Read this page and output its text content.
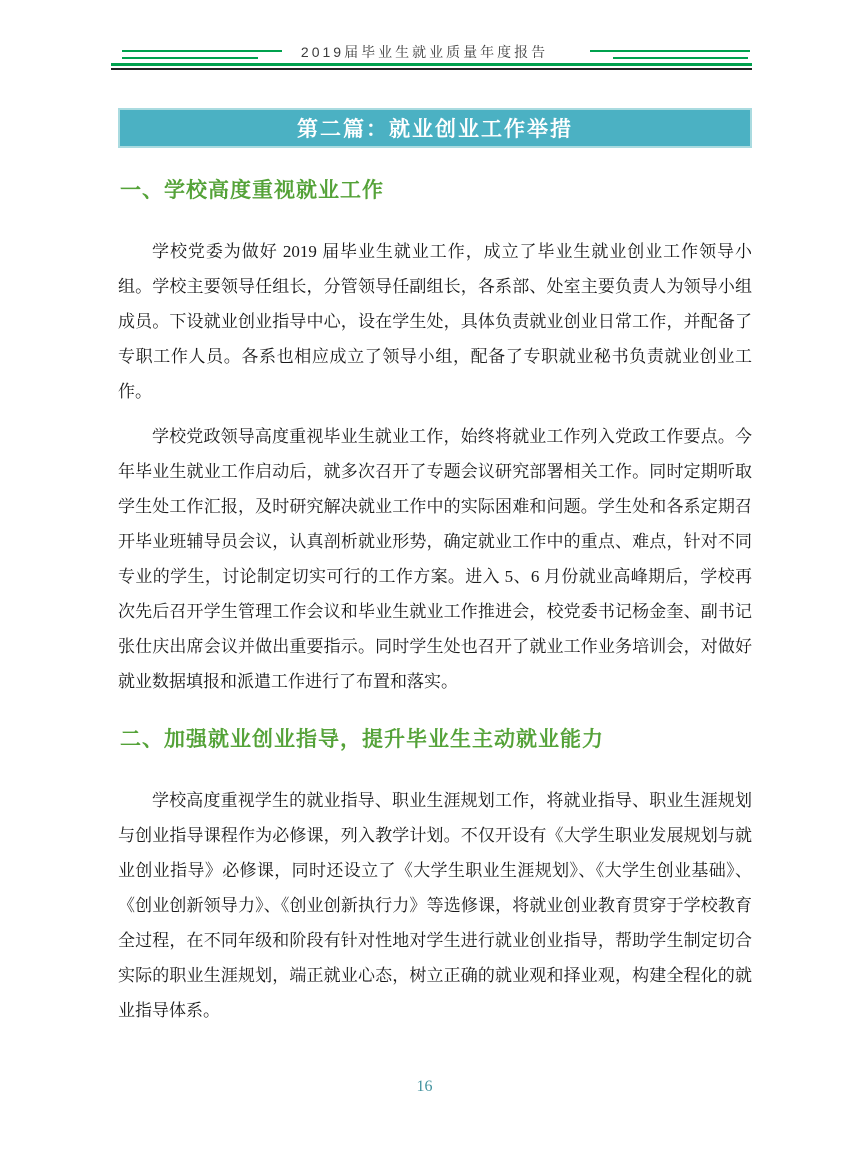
2019届毕业生就业质量年度报告
第二篇：就业创业工作举措
一、学校高度重视就业工作

学校党委为做好 2019 届毕业生就业工作，成立了毕业生就业创业工作领导小组。学校主要领导任组长，分管领导任副组长，各系部、处室主要负责人为领导小组成员。下设就业创业指导中心，设在学生处，具体负责就业创业日常工作，并配备了专职工作人员。各系也相应成立了领导小组，配备了专职就业秘书负责就业创业工作。

学校党政领导高度重视毕业生就业工作，始终将就业工作列入党政工作要点。今年毕业生就业工作启动后，就多次召开了专题会议研究部署相关工作。同时定期听取学生处工作汇报，及时研究解决就业工作中的实际困难和问题。学生处和各系定期召开毕业班辅导员会议，认真剖析就业形势，确定就业工作中的重点、难点，针对不同专业的学生，讨论制定切实可行的工作方案。进入 5、6 月份就业高峰期后，学校再次先后召开学生管理工作会议和毕业生就业工作推进会，校党委书记杨金奎、副书记张仕庆出席会议并做出重要指示。同时学生处也召开了就业工作业务培训会，对做好就业数据填报和派遣工作进行了布置和落实。

二、加强就业创业指导，提升毕业生主动就业能力

学校高度重视学生的就业指导、职业生涯规划工作，将就业指导、职业生涯规划与创业指导课程作为必修课，列入教学计划。不仅开设有《大学生职业发展规划与就业创业指导》必修课，同时还设立了《大学生职业生涯规划》、《大学生创业基础》、《创业创新领导力》、《创业创新执行力》等选修课，将就业创业教育贯穿于学校教育全过程，在不同年级和阶段有针对性地对学生进行就业创业指导，帮助学生制定切合实际的职业生涯规划，端正就业心态，树立正确的就业观和择业观，构建全程化的就业指导体系。

16
